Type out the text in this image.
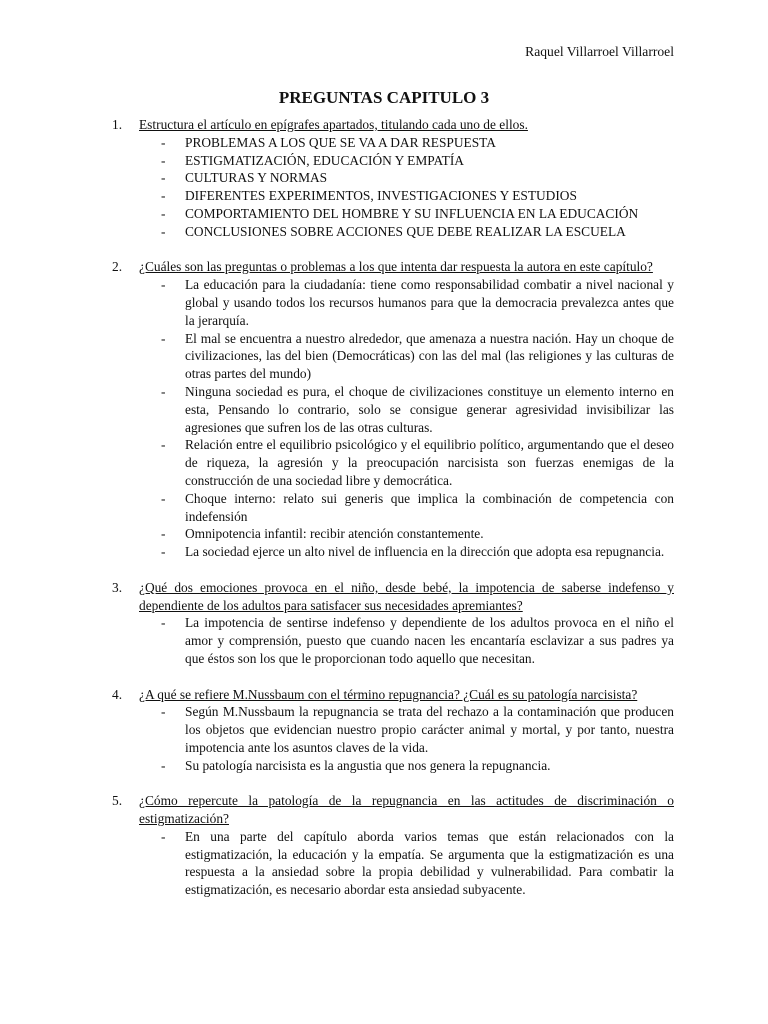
Raquel Villarroel Villarroel
PREGUNTAS CAPITULO 3
1. Estructura el artículo en epígrafes apartados, titulando cada uno de ellos.
- PROBLEMAS A LOS QUE SE VA A DAR RESPUESTA
- ESTIGMATIZACIÓN, EDUCACIÓN Y EMPATÍA
- CULTURAS Y NORMAS
- DIFERENTES EXPERIMENTOS, INVESTIGACIONES Y ESTUDIOS
- COMPORTAMIENTO DEL HOMBRE Y SU INFLUENCIA EN LA EDUCACIÓN
- CONCLUSIONES SOBRE ACCIONES QUE DEBE REALIZAR LA ESCUELA
2. ¿Cuáles son las preguntas o problemas a los que intenta dar respuesta la autora en este capítulo?
- La educación para la ciudadanía: tiene como responsabilidad combatir a nivel nacional y global y usando todos los recursos humanos para que la democracia prevalezca antes que la jerarquía.
- El mal se encuentra a nuestro alrededor, que amenaza a nuestra nación. Hay un choque de civilizaciones, las del bien (Democráticas) con las del mal (las religiones y las culturas de otras partes del mundo)
- Ninguna sociedad es pura, el choque de civilizaciones constituye un elemento interno en esta, Pensando lo contrario, solo se consigue generar agresividad invisibilizar las agresiones que sufren los de las otras culturas.
- Relación entre el equilibrio psicológico y el equilibrio político, argumentando que el deseo de riqueza, la agresión y la preocupación narcisista son fuerzas enemigas de la construcción de una sociedad libre y democrática.
- Choque interno: relato sui generis que implica la combinación de competencia con indefensión
- Omnipotencia infantil: recibir atención constantemente.
- La sociedad ejerce un alto nivel de influencia en la dirección que adopta esa repugnancia.
3. ¿Qué dos emociones provoca en el niño, desde bebé, la impotencia de saberse indefenso y dependiente de los adultos para satisfacer sus necesidades apremiantes?
- La impotencia de sentirse indefenso y dependiente de los adultos provoca en el niño el amor y comprensión, puesto que cuando nacen les encantaría esclavizar a sus padres ya que éstos son los que le proporcionan todo aquello que necesitan.
4. ¿A qué se refiere M.Nussbaum con el término repugnancia? ¿Cuál es su patología narcisista?
- Según M.Nussbaum la repugnancia se trata del rechazo a la contaminación que producen los objetos que evidencian nuestro propio carácter animal y mortal, y por tanto, nuestra impotencia ante los asuntos claves de la vida.
- Su patología narcisista es la angustia que nos genera la repugnancia.
5. ¿Cómo repercute la patología de la repugnancia en las actitudes de discriminación o estigmatización?
- En una parte del capítulo aborda varios temas que están relacionados con la estigmatización, la educación y la empatía. Se argumenta que la estigmatización es una respuesta a la ansiedad sobre la propia debilidad y vulnerabilidad. Para combatir la estigmatización, es necesario abordar esta ansiedad subyacente.
